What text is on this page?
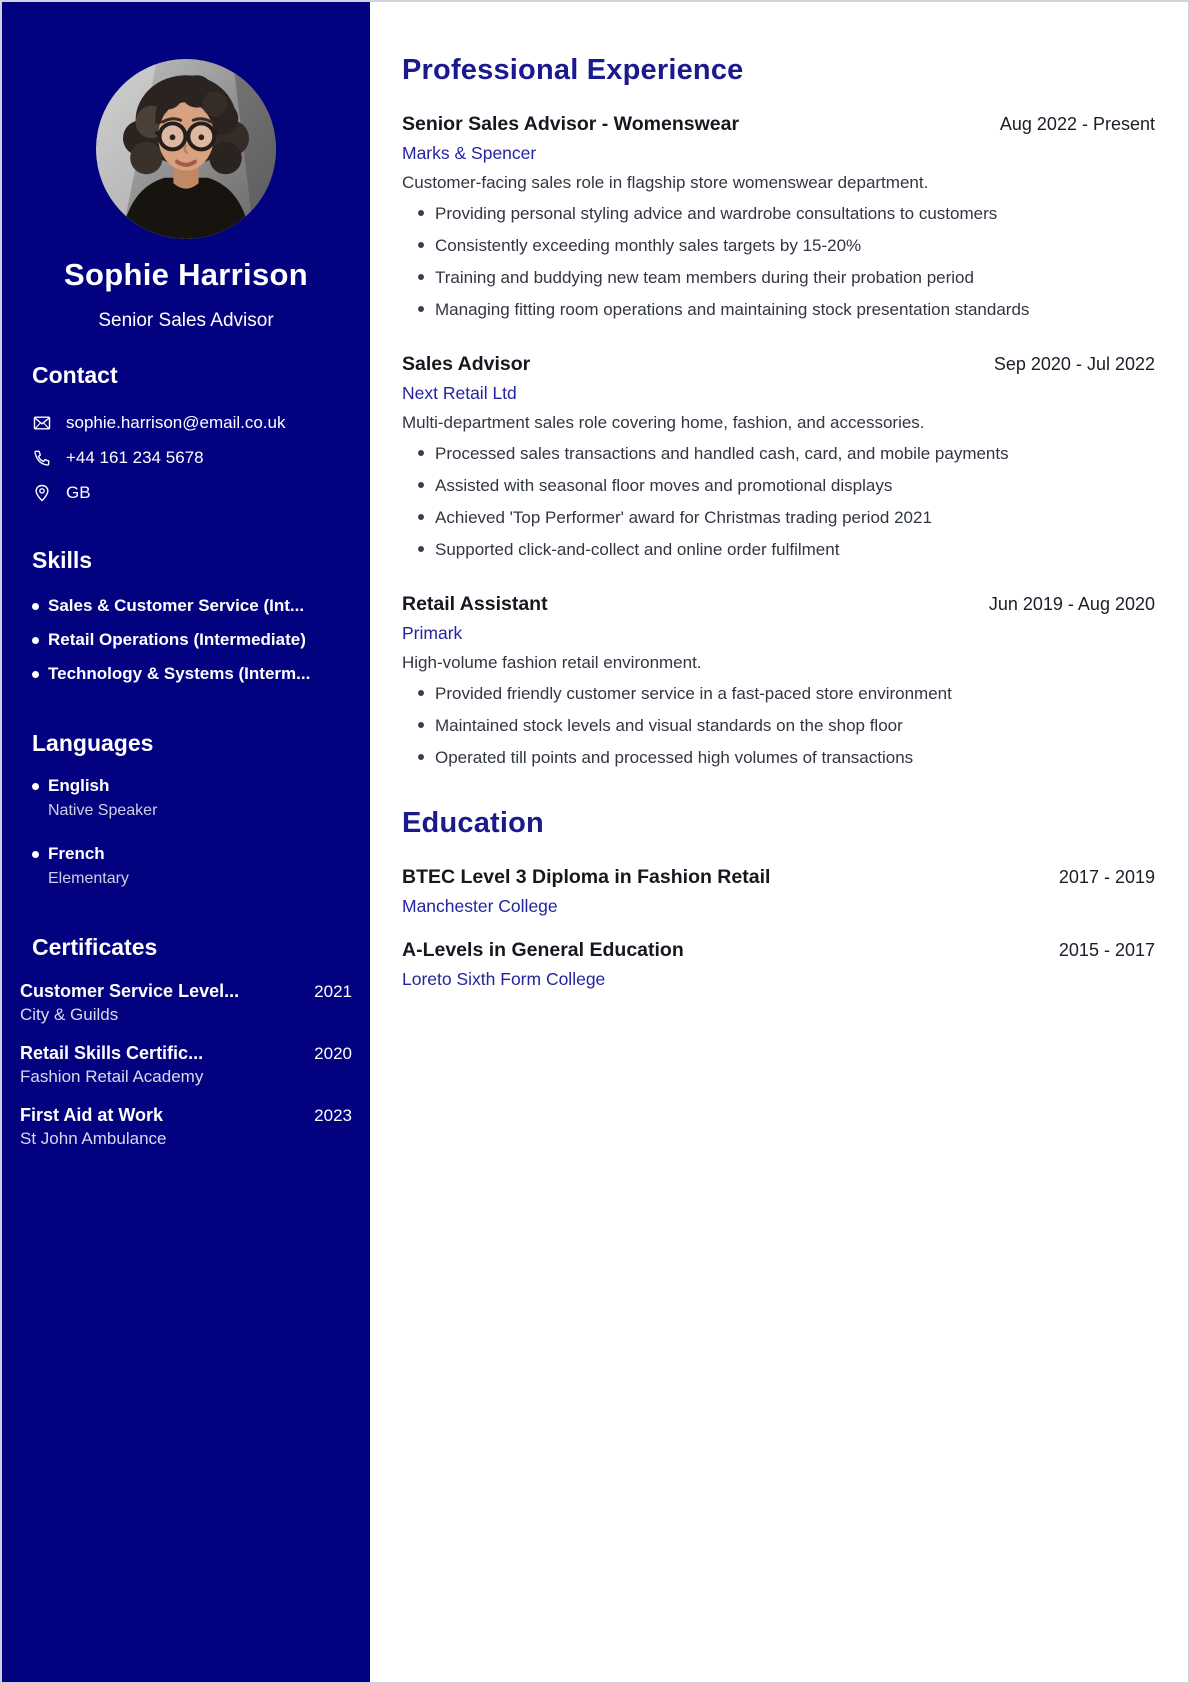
Sophie Harrison
Senior Sales Advisor
Contact
sophie.harrison@email.co.uk
+44 161 234 5678
GB
Skills
Sales & Customer Service (Int...
Retail Operations (Intermediate)
Technology & Systems (Interm...
Languages
English
Native Speaker
French
Elementary
Certificates
Customer Service Level...	2021
City & Guilds
Retail Skills Certific...	2020
Fashion Retail Academy
First Aid at Work	2023
St John Ambulance
Professional Experience
Senior Sales Advisor - Womenswear	Aug 2022 - Present
Marks & Spencer
Customer-facing sales role in flagship store womenswear department.
Providing personal styling advice and wardrobe consultations to customers
Consistently exceeding monthly sales targets by 15-20%
Training and buddying new team members during their probation period
Managing fitting room operations and maintaining stock presentation standards
Sales Advisor	Sep 2020 - Jul 2022
Next Retail Ltd
Multi-department sales role covering home, fashion, and accessories.
Processed sales transactions and handled cash, card, and mobile payments
Assisted with seasonal floor moves and promotional displays
Achieved 'Top Performer' award for Christmas trading period 2021
Supported click-and-collect and online order fulfilment
Retail Assistant	Jun 2019 - Aug 2020
Primark
High-volume fashion retail environment.
Provided friendly customer service in a fast-paced store environment
Maintained stock levels and visual standards on the shop floor
Operated till points and processed high volumes of transactions
Education
BTEC Level 3 Diploma in Fashion Retail	2017 - 2019
Manchester College
A-Levels in General Education	2015 - 2017
Loreto Sixth Form College
